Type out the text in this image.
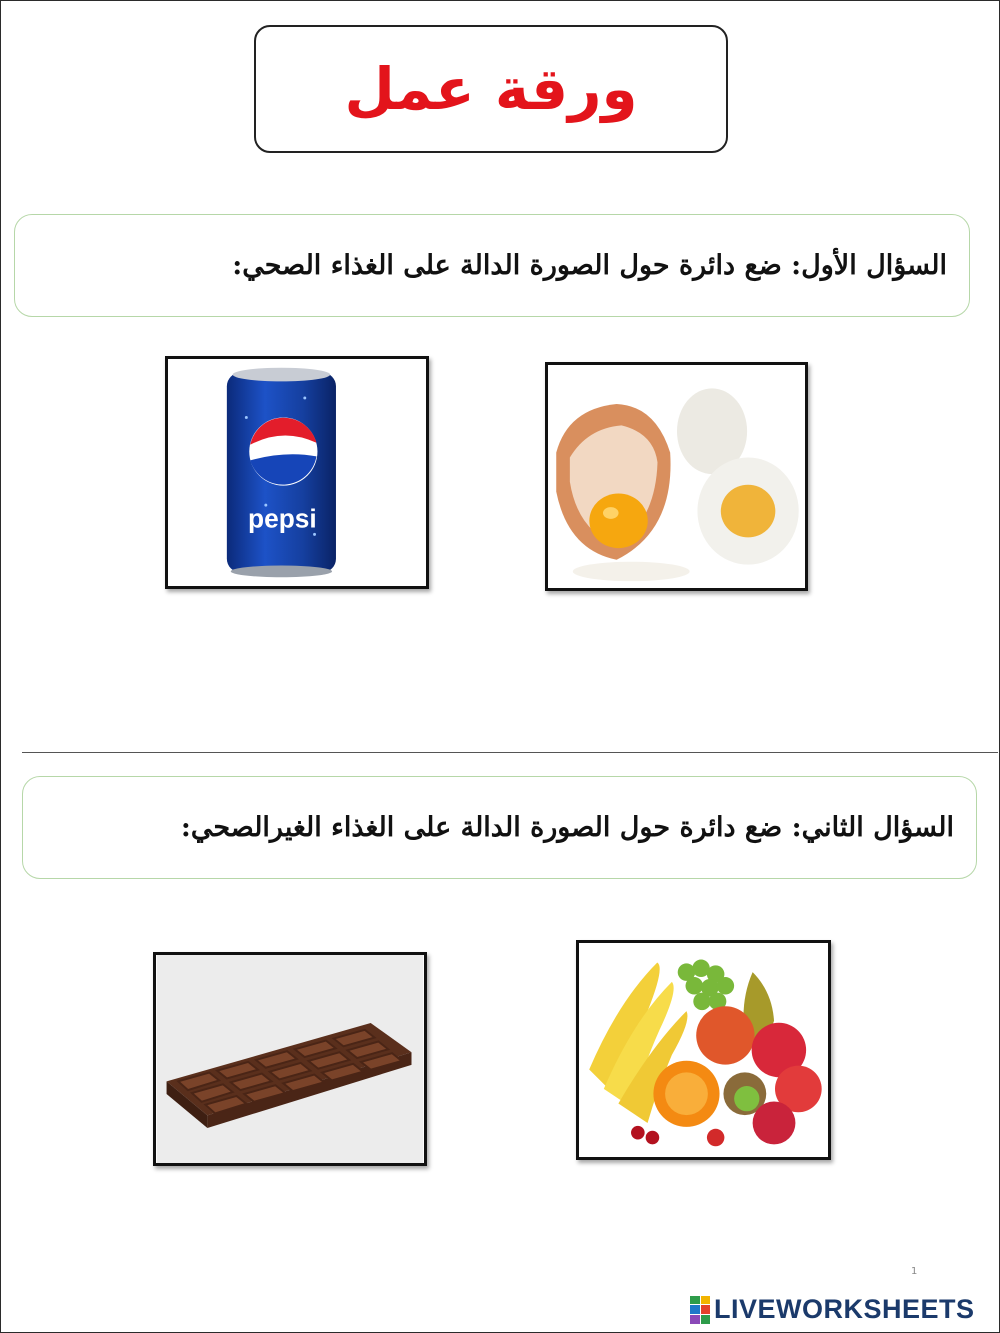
ورقة عمل
السؤال الأول: ضع دائرة حول الصورة الدالة على الغذاء الصحي:
pepsi
السؤال الثاني: ضع دائرة حول الصورة الدالة على الغذاء الغيرالصحي:
1
LIVEWORKSHEETS
